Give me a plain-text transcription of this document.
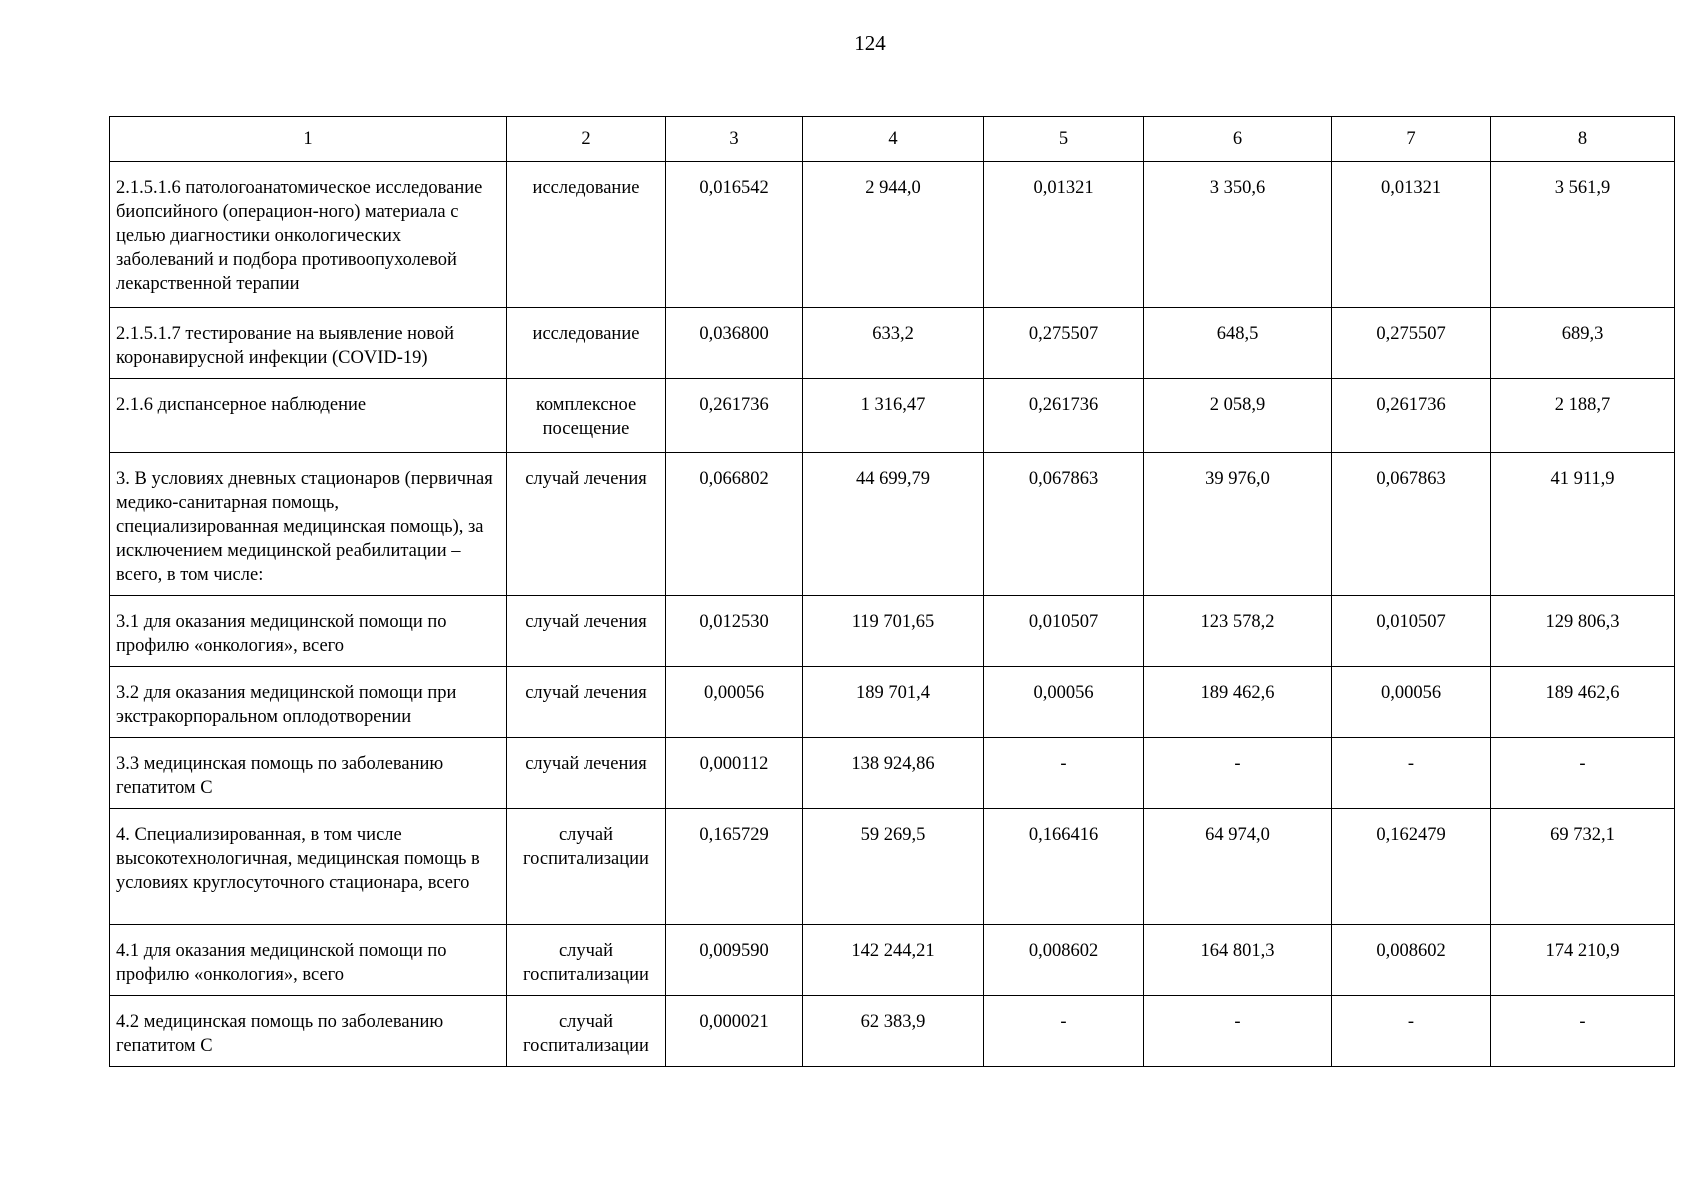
124
1	2	3	4	5	6	7	8
2.1.5.1.6 патологоанатомическое исследование биопсийного (операцион-ного) материала с целью диагностики онкологических заболеваний и подбора противоопухолевой лекарственной терапии	исследование	0,016542	2 944,0	0,01321	3 350,6	0,01321	3 561,9
2.1.5.1.7 тестирование на выявление новой коронавирусной инфекции (COVID-19)	исследование	0,036800	633,2	0,275507	648,5	0,275507	689,3
2.1.6 диспансерное наблюдение	комплексное посещение	0,261736	1 316,47	0,261736	2 058,9	0,261736	2 188,7
3. В условиях дневных стационаров (первичная медико-санитарная помощь, специализированная медицинская помощь), за исключением медицинской реабилитации – всего, в том числе:	случай лечения	0,066802	44 699,79	0,067863	39 976,0	0,067863	41 911,9
3.1 для оказания медицинской помощи по профилю «онкология», всего	случай лечения	0,012530	119 701,65	0,010507	123 578,2	0,010507	129 806,3
3.2 для оказания медицинской помощи при экстракорпоральном оплодотворении	случай лечения	0,00056	189 701,4	0,00056	189 462,6	0,00056	189 462,6
3.3 медицинская помощь по заболеванию гепатитом С	случай лечения	0,000112	138 924,86	-	-	-	-
4. Специализированная, в том числе высокотехнологичная, медицинская помощь в условиях круглосуточного стационара, всего	случай госпитализации	0,165729	59 269,5	0,166416	64 974,0	0,162479	69 732,1
4.1 для оказания медицинской помощи по профилю «онкология», всего	случай госпитализации	0,009590	142 244,21	0,008602	164 801,3	0,008602	174 210,9
4.2 медицинская помощь по заболеванию гепатитом С	случай госпитализации	0,000021	62 383,9	-	-	-	-
